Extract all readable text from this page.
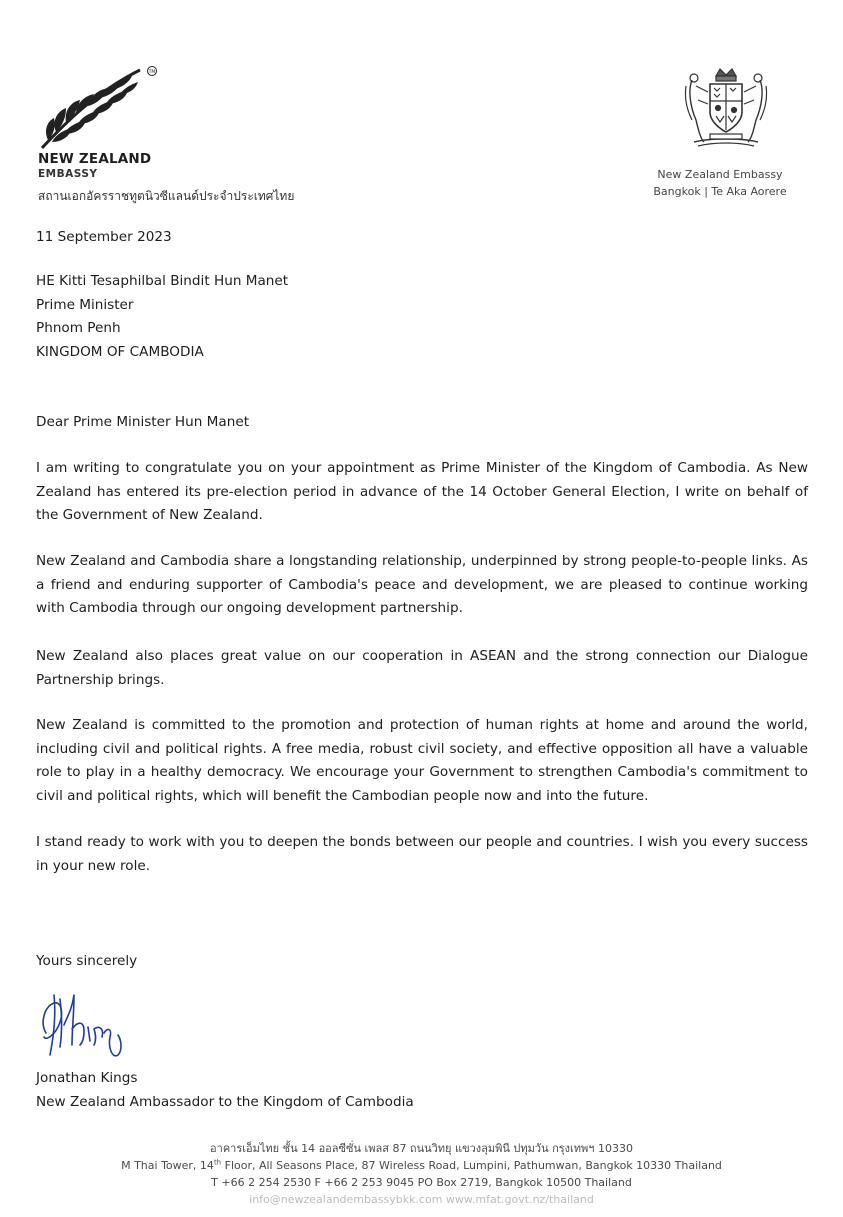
TM
NEW ZEALAND
EMBASSY
สถานเอกอัครราชทูตนิวซีแลนด์ประจำประเทศไทย
New Zealand Embassy
Bangkok | Te Aka Aorere
11 September 2023
HE Kitti Tesaphilbal Bindit Hun Manet
Prime Minister
Phnom Penh
KINGDOM OF CAMBODIA
Dear Prime Minister Hun Manet
I am writing to congratulate you on your appointment as Prime Minister of the Kingdom of Cambodia. As New Zealand has entered its pre-election period in advance of the 14 October General Election, I write on behalf of the Government of New Zealand.
New Zealand and Cambodia share a longstanding relationship, underpinned by strong people-to-people links. As a friend and enduring supporter of Cambodia's peace and development, we are pleased to continue working with Cambodia through our ongoing development partnership.
New Zealand also places great value on our cooperation in ASEAN and the strong connection our Dialogue Partnership brings.
New Zealand is committed to the promotion and protection of human rights at home and around the world, including civil and political rights. A free media, robust civil society, and effective opposition all have a valuable role to play in a healthy democracy. We encourage your Government to strengthen Cambodia's commitment to civil and political rights, which will benefit the Cambodian people now and into the future.
I stand ready to work with you to deepen the bonds between our people and countries. I wish you every success in your new role.
Yours sincerely
Jonathan Kings
New Zealand Ambassador to the Kingdom of Cambodia
อาคารเอ็มไทย ชั้น 14 ออลซีซั่น เพลส 87 ถนนวิทยุ แขวงลุมพินี ปทุมวัน กรุงเทพฯ 10330
M Thai Tower, 14th Floor, All Seasons Place, 87 Wireless Road, Lumpini, Pathumwan, Bangkok 10330 Thailand
T +66 2 254 2530 F +66 2 253 9045 PO Box 2719, Bangkok 10500 Thailand
info@newzealandembassybkk.com www.mfat.govt.nz/thailand
